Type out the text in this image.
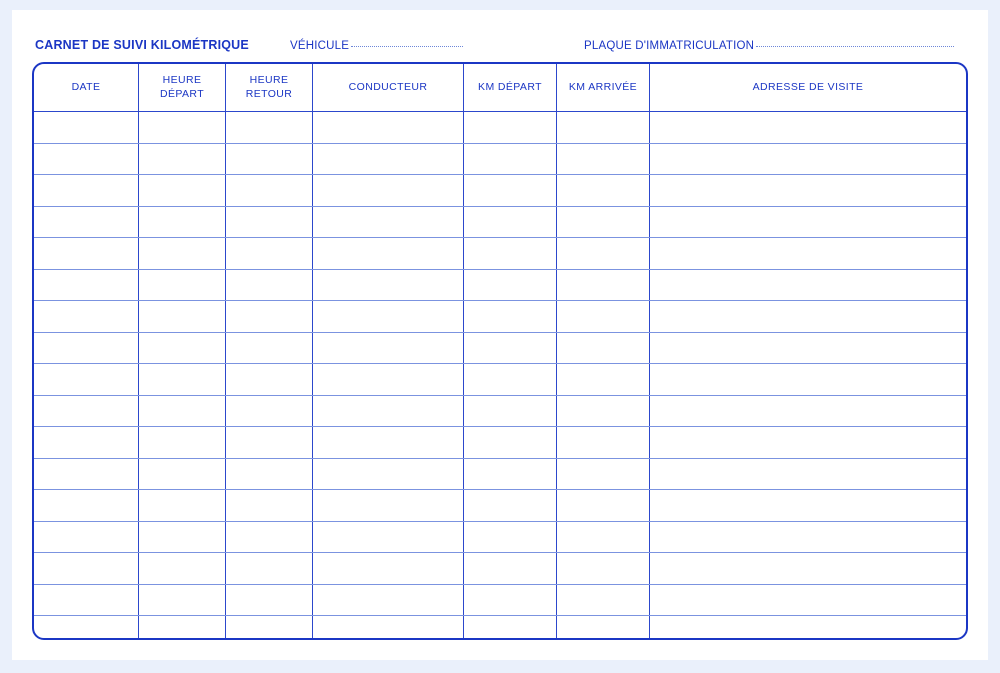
CARNET DE SUIVI KILOMÉTRIQUE	VÉHICULE	PLAQUE D'IMMATRICULATION
DATE	HEURE DÉPART	HEURE RETOUR	CONDUCTEUR	KM DÉPART	KM ARRIVÉE	ADRESSE DE VISITE
